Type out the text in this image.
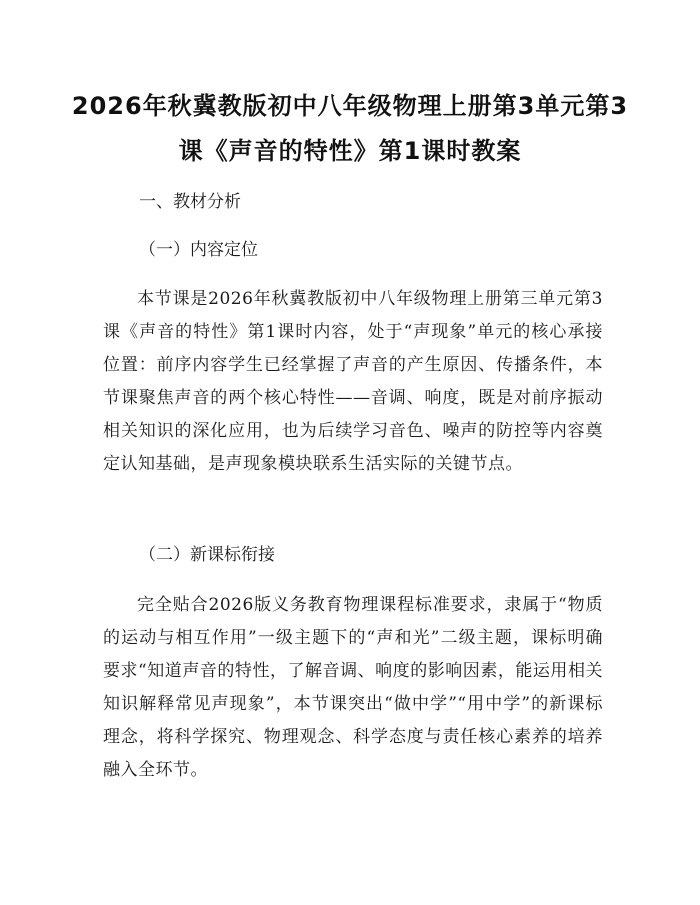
2026年秋冀教版初中八年级物理上册第3单元第3课《声音的特性》第1课时教案
一、教材分析
（一）内容定位

本节课是2026年秋冀教版初中八年级物理上册第三单元第3课《声音的特性》第1课时内容，处于“声现象”单元的核心承接位置：前序内容学生已经掌握了声音的产生原因、传播条件，本节课聚焦声音的两个核心特性——音调、响度，既是对前序振动相关知识的深化应用，也为后续学习音色、噪声的防控等内容奠定认知基础，是声现象模块联系生活实际的关键节点。

（二）新课标衔接

完全贴合2026版义务教育物理课程标准要求，隶属于“物质的运动与相互作用”一级主题下的“声和光”二级主题，课标明确要求“知道声音的特性，了解音调、响度的影响因素，能运用相关知识解释常见声现象”，本节课突出“做中学”“用中学”的新课标理念，将科学探究、物理观念、科学态度与责任核心素养的培养融入全环节。
